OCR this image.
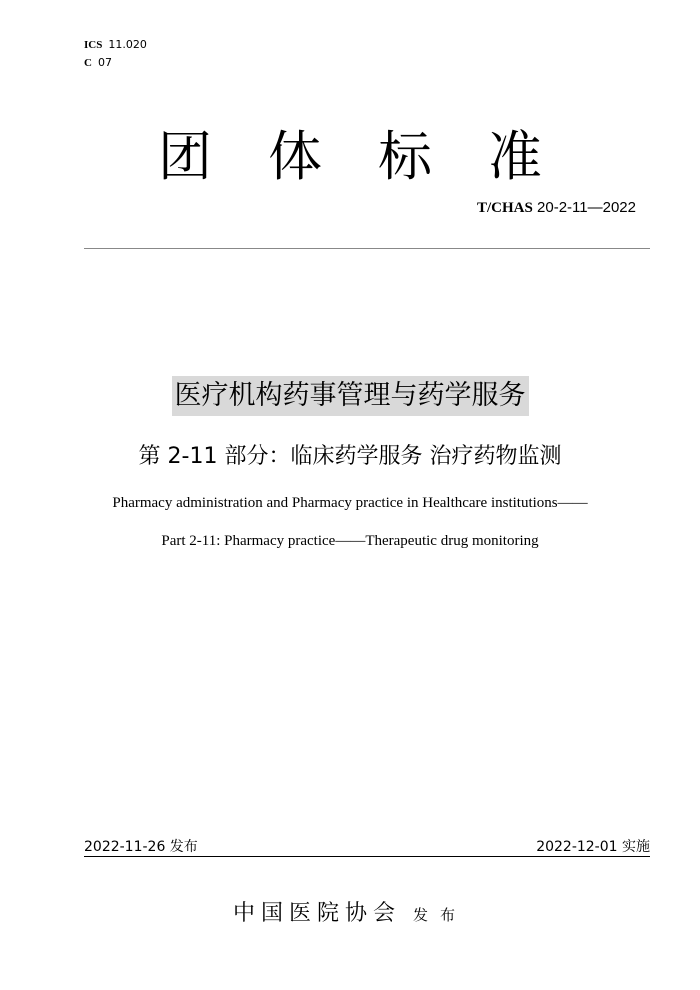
ICS 11.020
C 07
团体标准
T/CHAS 20-2-11—2022
医疗机构药事管理与药学服务
第 2-11 部分：临床药学服务 治疗药物监测
Pharmacy administration and Pharmacy practice in Healthcare institutions——
Part 2-11: Pharmacy practice——Therapeutic drug monitoring
2022-11-26 发布	2022-12-01 实施
中国医院协会 发布
